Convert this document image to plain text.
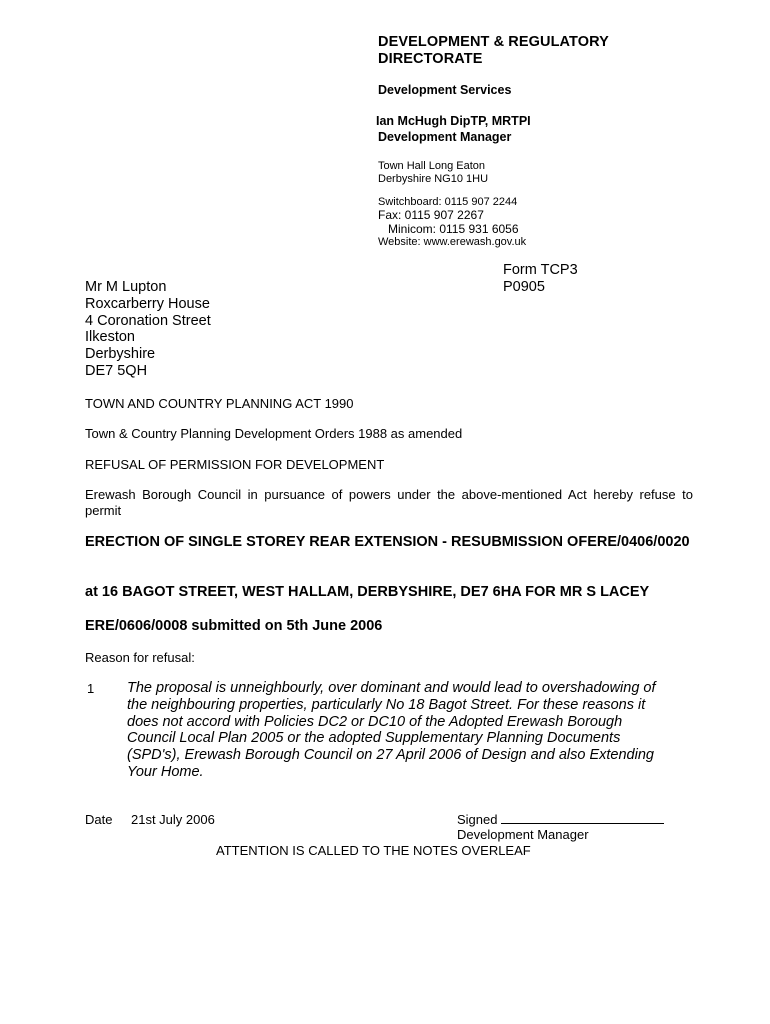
DEVELOPMENT & REGULATORY
DIRECTORATE
Development Services
Ian McHugh DipTP, MRTPI
Development Manager
Town Hall Long Eaton
Derbyshire NG10 1HU
Switchboard: 0115 907 2244
Fax: 0115 907 2267
Minicom: 0115 931 6056
Website: www.erewash.gov.uk
Form TCP3
P0905
Mr M Lupton
Roxcarberry House
4 Coronation Street
Ilkeston
Derbyshire
DE7 5QH
TOWN AND COUNTRY PLANNING ACT 1990
Town & Country Planning Development Orders 1988 as amended
REFUSAL OF PERMISSION FOR DEVELOPMENT
Erewash Borough Council in pursuance of powers under the above-mentioned Act hereby refuse to permit
ERECTION OF SINGLE STOREY REAR EXTENSION - RESUBMISSION OFERE/0406/0020
at 16 BAGOT STREET, WEST HALLAM, DERBYSHIRE, DE7 6HA FOR MR S LACEY
ERE/0606/0008 submitted on 5th June 2006
Reason for refusal:
1 The proposal is unneighbourly, over dominant and would lead to overshadowing of the neighbouring properties, particularly No 18 Bagot Street. For these reasons it does not accord with Policies DC2 or DC10 of the Adopted Erewash Borough Council Local Plan 2005 or the adopted Supplementary Planning Documents (SPD's), Erewash Borough Council on 27 April 2006 of Design and also Extending Your Home.
Date 21st July 2006	Signed
Development Manager
ATTENTION IS CALLED TO THE NOTES OVERLEAF
